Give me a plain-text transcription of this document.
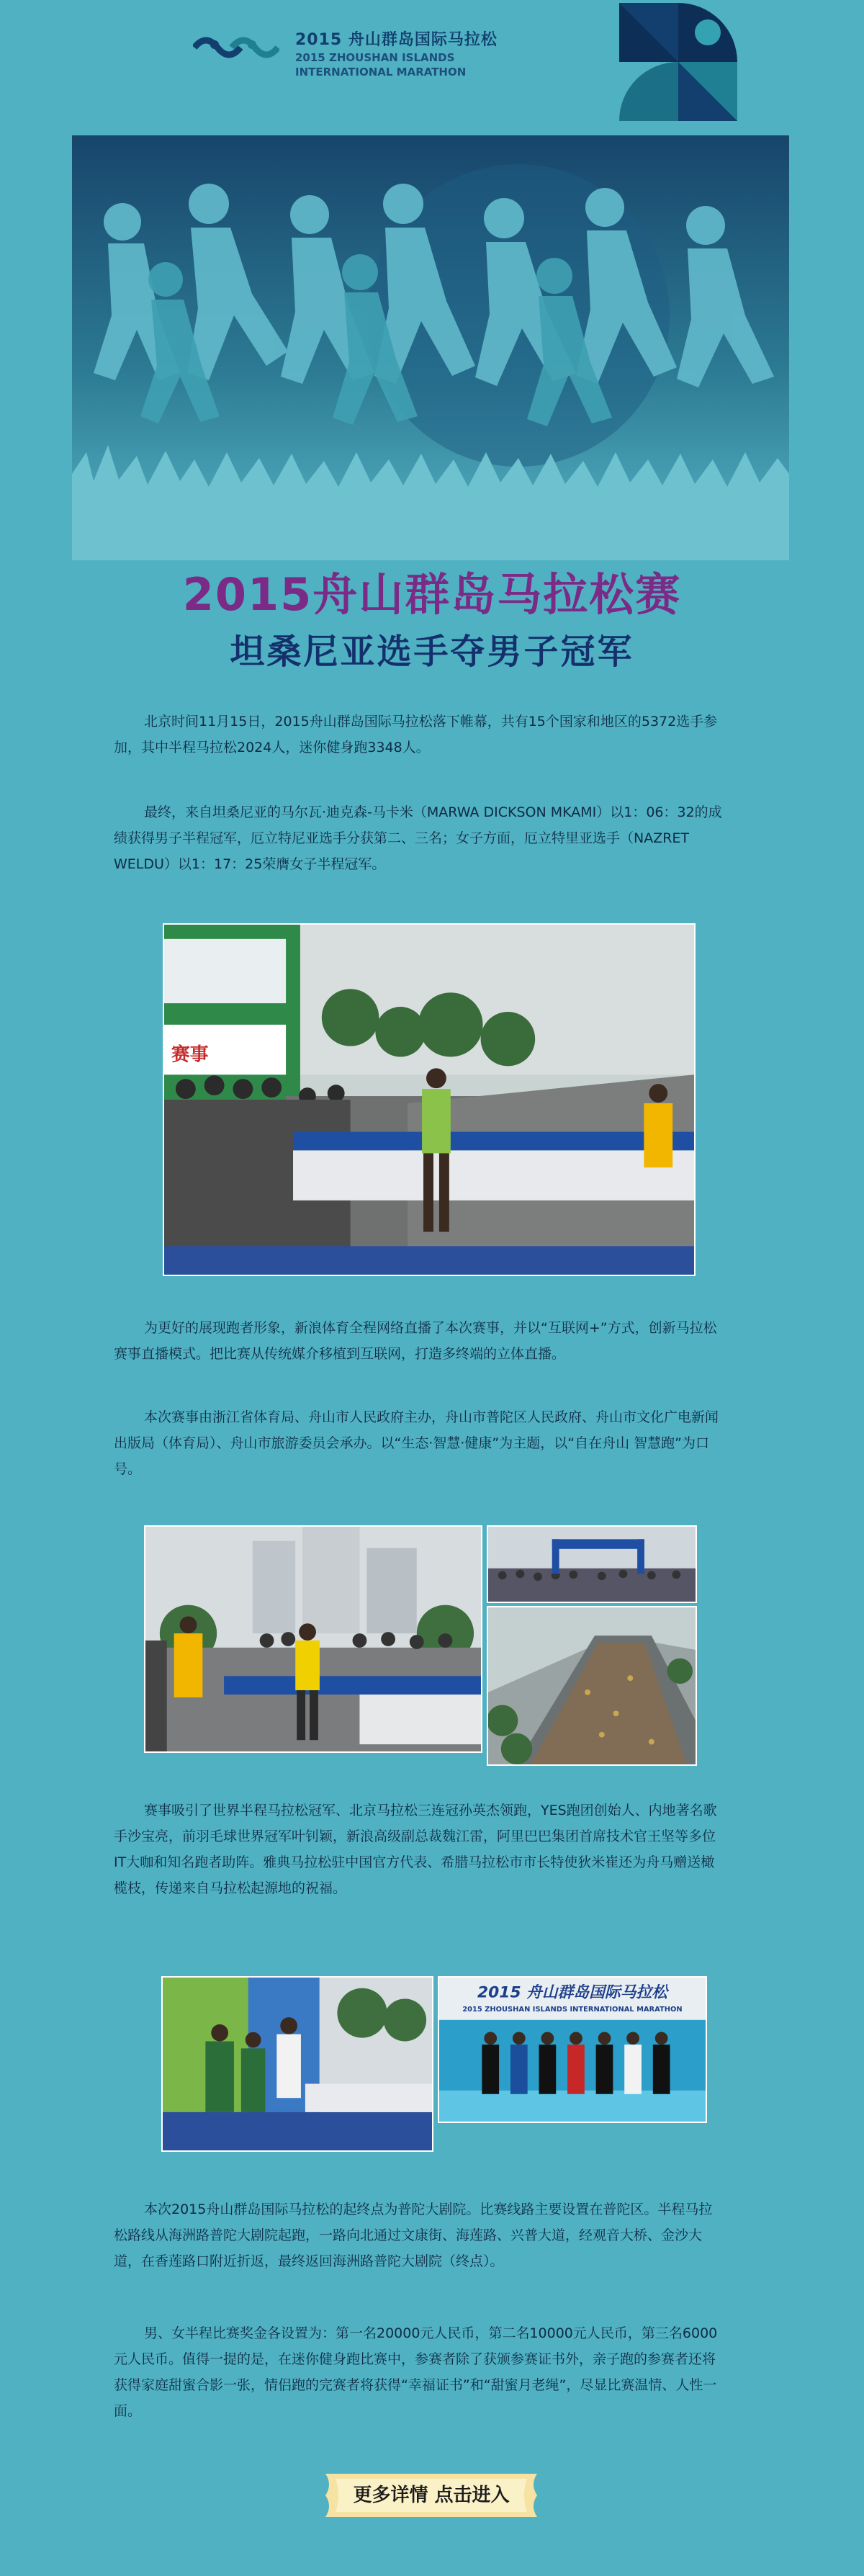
2015 舟山群岛国际马拉松
2015 ZHOUSHAN ISLANDS
INTERNATIONAL MARATHON
2015舟山群岛马拉松赛
坦桑尼亚选手夺男子冠军

北京时间11月15日，2015舟山群岛国际马拉松落下帷幕，共有15个国家和地区的5372选手参加，其中半程马拉松2024人，迷你健身跑3348人。

最终，来自坦桑尼亚的马尔瓦·迪克森-马卡米（MARWA DICKSON MKAMI）以1：06：32的成绩获得男子半程冠军，厄立特尼亚选手分获第二、三名；女子方面，厄立特里亚选手（NAZRET WELDU）以1：17：25荣膺女子半程冠军。

赛事

为更好的展现跑者形象，新浪体育全程网络直播了本次赛事，并以“互联网+”方式，创新马拉松赛事直播模式。把比赛从传统媒介移植到互联网，打造多终端的立体直播。

本次赛事由浙江省体育局、舟山市人民政府主办，舟山市普陀区人民政府、舟山市文化广电新闻出版局（体育局）、舟山市旅游委员会承办。以“生态·智慧·健康”为主题，以“自在舟山 智慧跑”为口号。

赛事吸引了世界半程马拉松冠军、北京马拉松三连冠孙英杰领跑，YES跑团创始人、内地著名歌手沙宝亮，前羽毛球世界冠军叶钊颖，新浪高级副总裁魏江雷，阿里巴巴集团首席技术官王坚等多位IT大咖和知名跑者助阵。雅典马拉松驻中国官方代表、希腊马拉松市市长特使狄米崔还为舟马赠送橄榄枝，传递来自马拉松起源地的祝福。

2015 舟山群岛国际马拉松
2015 ZHOUSHAN ISLANDS INTERNATIONAL MARATHON

本次2015舟山群岛国际马拉松的起终点为普陀大剧院。比赛线路主要设置在普陀区。半程马拉松路线从海洲路普陀大剧院起跑，一路向北通过文康街、海莲路、兴普大道，经观音大桥、金沙大道，在香莲路口附近折返，最终返回海洲路普陀大剧院（终点）。

男、女半程比赛奖金各设置为：第一名20000元人民币，第二名10000元人民币，第三名6000元人民币。值得一提的是，在迷你健身跑比赛中，参赛者除了获颁参赛证书外，亲子跑的参赛者还将获得家庭甜蜜合影一张，情侣跑的完赛者将获得“幸福证书”和“甜蜜月老绳”，尽显比赛温情、人性一面。

更多详情 点击进入
